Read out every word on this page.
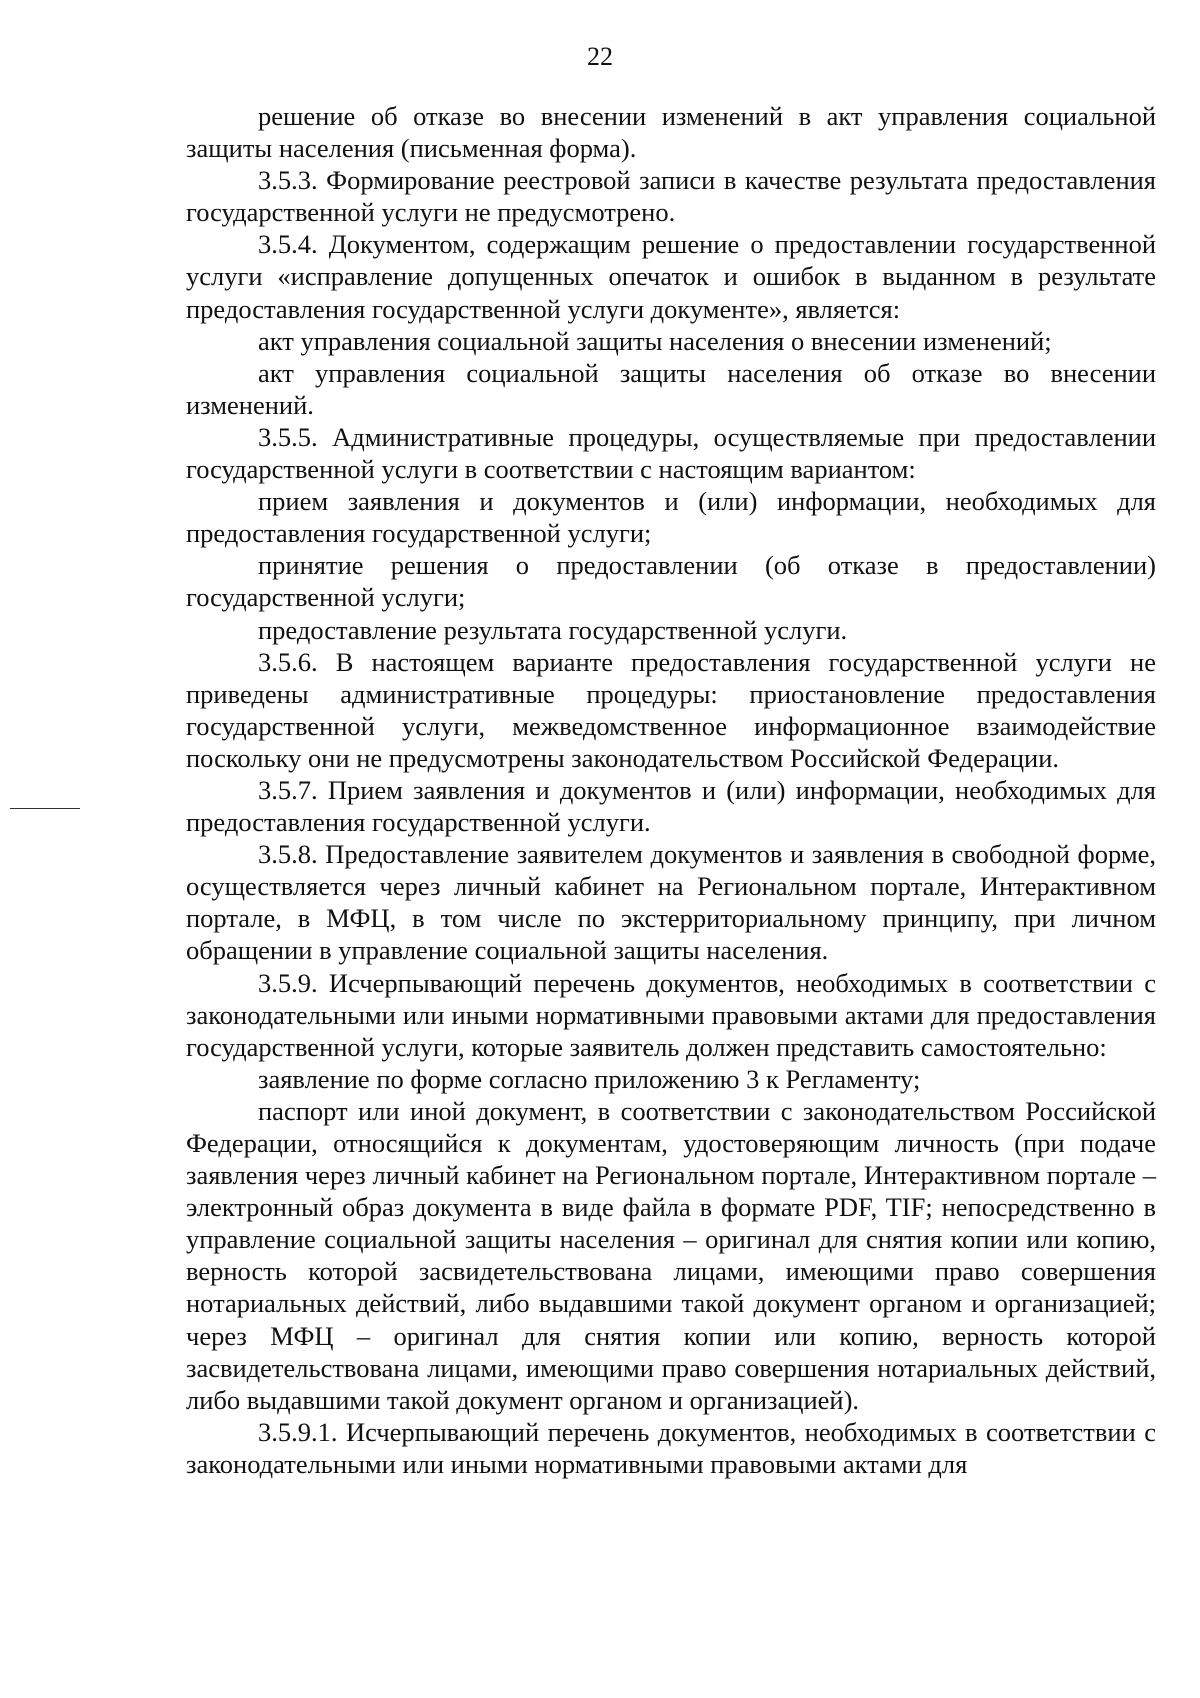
22

решение об отказе во внесении изменений в акт управления социальной защиты населения (письменная форма).

3.5.3. Формирование реестровой записи в качестве результата предоставления государственной услуги не предусмотрено.

3.5.4. Документом, содержащим решение о предоставлении государственной услуги «исправление допущенных опечаток и ошибок в выданном в результате предоставления государственной услуги документе», является:

акт управления социальной защиты населения о внесении изменений;

акт управления социальной защиты населения об отказе во внесении изменений.

3.5.5. Административные процедуры, осуществляемые при предоставлении государственной услуги в соответствии с настоящим вариантом:

прием заявления и документов и (или) информации, необходимых для предоставления государственной услуги;

принятие решения о предоставлении (об отказе в предоставлении) государственной услуги;

предоставление результата государственной услуги.

3.5.6. В настоящем варианте предоставления государственной услуги не приведены административные процедуры: приостановление предоставления государственной услуги, межведомственное информационное взаимодействие поскольку они не предусмотрены законодательством Российской Федерации.

3.5.7. Прием заявления и документов и (или) информации, необходимых для предоставления государственной услуги.

3.5.8. Предоставление заявителем документов и заявления в свободной форме, осуществляется через личный кабинет на Региональном портале, Интерактивном портале, в МФЦ, в том числе по экстерриториальному принципу, при личном обращении в управление социальной защиты населения.

3.5.9. Исчерпывающий перечень документов, необходимых в соответствии с законодательными или иными нормативными правовыми актами для предоставления государственной услуги, которые заявитель должен представить самостоятельно:

заявление по форме согласно приложению 3 к Регламенту;

паспорт или иной документ, в соответствии с законодательством Российской Федерации, относящийся к документам, удостоверяющим личность (при подаче заявления через личный кабинет на Региональном портале, Интерактивном портале – электронный образ документа в виде файла в формате PDF, TIF; непосредственно в управление социальной защиты населения – оригинал для снятия копии или копию, верность которой засвидетельствована лицами, имеющими право совершения нотариальных действий, либо выдавшими такой документ органом и организацией; через МФЦ – оригинал для снятия копии или копию, верность которой засвидетельствована лицами, имеющими право совершения нотариальных действий, либо выдавшими такой документ органом и организацией).

3.5.9.1. Исчерпывающий перечень документов, необходимых в соответствии с законодательными или иными нормативными правовыми актами для
